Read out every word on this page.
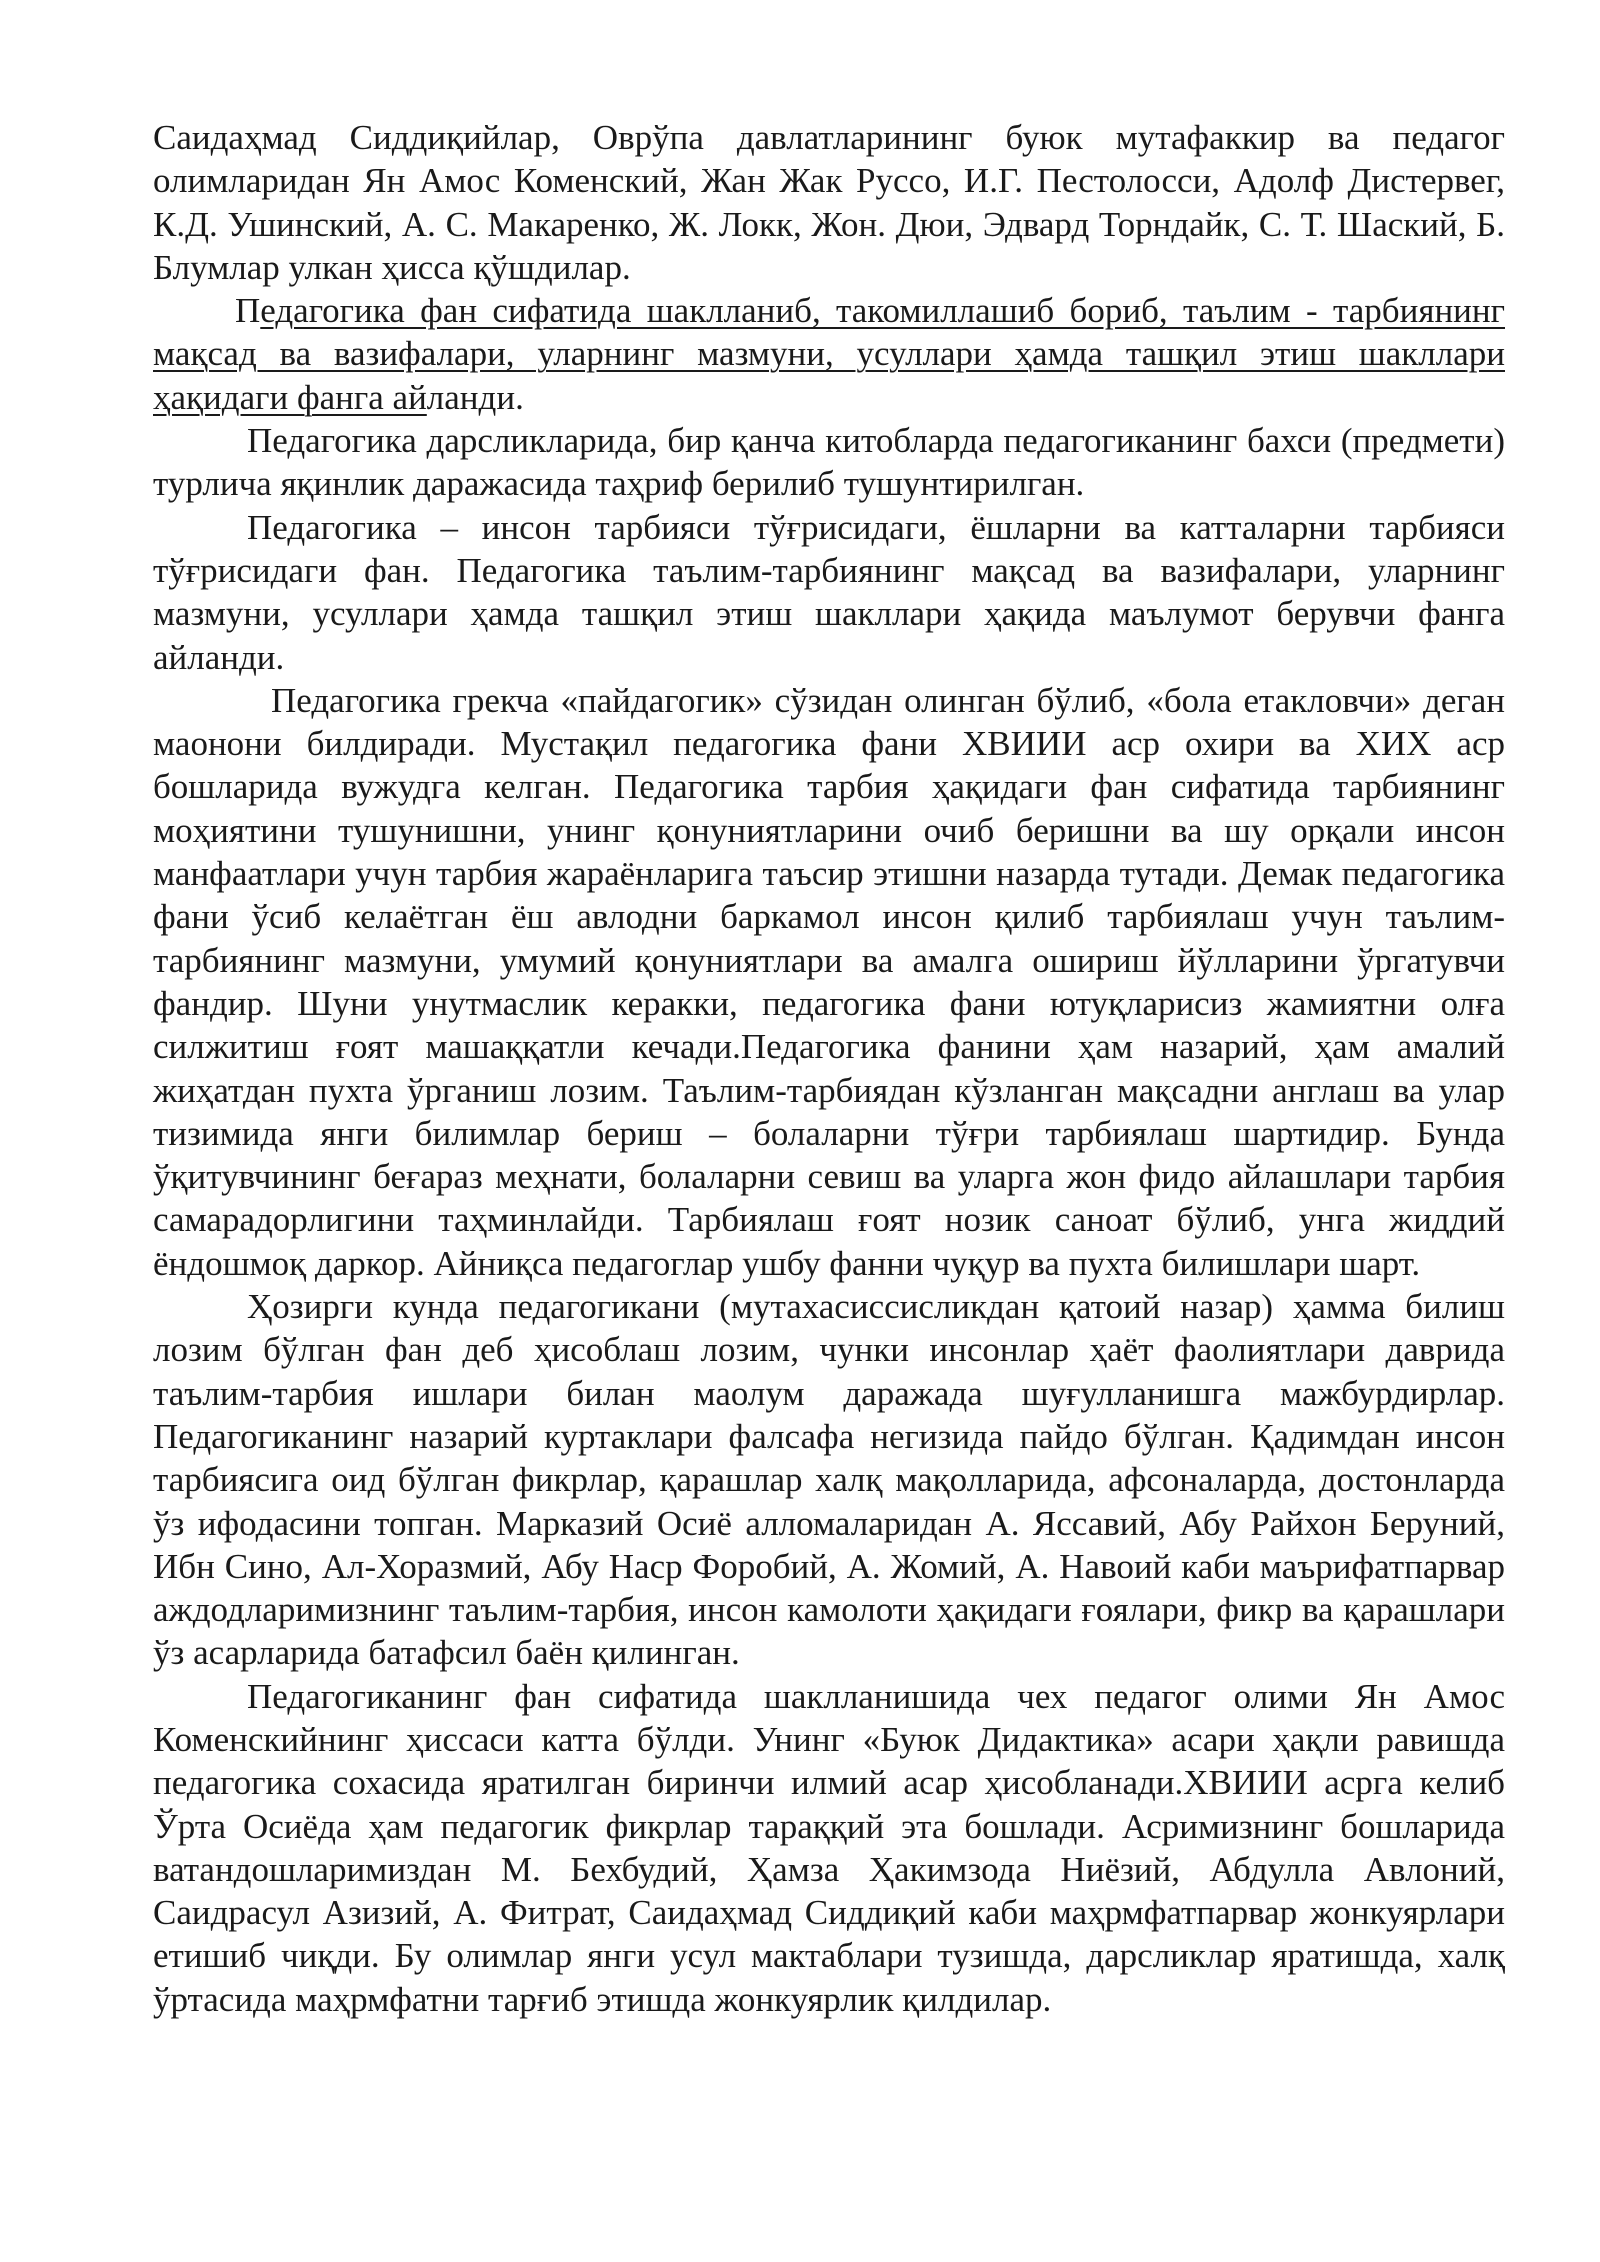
Саидаҳмад Сиддиқийлар, Оврўпа давлатларининг буюк мутафаккир ва педагог олимларидан Ян Амос Коменский, Жан Жак Руссо, И.Г. Пестолосси, Адолф Дистервег, К.Д. Ушинский, А. С. Макаренко, Ж. Локк, Жон. Дюи, Эдвард Торндайк, С. Т. Шаский, Б. Блумлар улкан ҳисса қўшдилар.

Педагогика фан сифатида шаклланиб, такомиллашиб бориб, таълим - тарбиянинг мақсад ва вазифалари, уларнинг мазмуни, усуллари ҳамда ташқил этиш шакллари ҳақидаги фанга айланди.

Педагогика дарсликларида, бир қанча китобларда педагогиканинг бахси (предмети) турлича яқинлик даражасида таҳриф берилиб тушунтирилган.

Педагогика – инсон тарбияси тўғрисидаги, ёшларни ва катталарни тарбияси тўғрисидаги фан. Педагогика таълим-тарбиянинг мақсад ва вазифалари, уларнинг мазмуни, усуллари ҳамда ташқил этиш шакллари ҳақида маълумот берувчи фанга айланди.

Педагогика грекча «пайдагогик» сўзидан олинган бўлиб, «бола етакловчи» деган маонони билдиради. Мустақил педагогика фани ХВИИИ аср охири ва ХИХ аср бошларида вужудга келган. Педагогика тарбия ҳақидаги фан сифатида тарбиянинг моҳиятини тушунишни, унинг қонуниятларини очиб беришни ва шу орқали инсон манфаатлари учун тарбия жараёнларига таъсир этишни назарда тутади. Демак педагогика фани ўсиб келаётган ёш авлодни баркамол инсон қилиб тарбиялаш учун таълим-тарбиянинг мазмуни, умумий қонуниятлари ва амалга ошириш йўлларини ўргатувчи фандир. Шуни унутмаслик керакки, педагогика фани ютуқларисиз жамиятни олға силжитиш ғоят машаққатли кечади.Педагогика фанини ҳам назарий, ҳам амалий жиҳатдан пухта ўрганиш лозим. Таълим-тарбиядан кўзланган мақсадни англаш ва улар тизимида янги билимлар бериш – болаларни тўғри тарбиялаш шартидир. Бунда ўқитувчининг беғараз меҳнати, болаларни севиш ва уларга жон фидо айлашлари тарбия самарадорлигини таҳминлайди. Тарбиялаш ғоят нозик саноат бўлиб, унга жиддий ёндошмоқ даркор. Айниқса педагоглар ушбу фанни чуқур ва пухта билишлари шарт.

Ҳозирги кунда педагогикани (мутахасиссисликдан қатоий назар) ҳамма билиш лозим бўлган фан деб ҳисоблаш лозим, чунки инсонлар ҳаёт фаолиятлари даврида таълим-тарбия ишлари билан маолум даражада шуғулланишга мажбурдирлар. Педагогиканинг назарий куртаклари фалсафа негизида пайдо бўлган. Қадимдан инсон тарбиясига оид бўлган фикрлар, қарашлар халқ мақолларида, афсоналарда, достонларда ўз ифодасини топган. Марказий Осиё алломаларидан А. Яссавий, Абу Райхон Беруний, Ибн Сино, Ал-Хоразмий, Абу Наср Форобий, А. Жомий, А. Навоий каби маърифатпарвар аждодларимизнинг таълим-тарбия, инсон камолоти ҳақидаги ғоялари, фикр ва қарашлари ўз асарларида батафсил баён қилинган.

Педагогиканинг фан сифатида шаклланишида чех педагог олими Ян Амос Коменскийнинг ҳиссаси катта бўлди. Унинг «Буюк Дидактика» асари ҳақли равишда педагогика сохасида яратилган биринчи илмий асар ҳисобланади.ХВИИИ асрга келиб Ўрта Осиёда ҳам педагогик фикрлар тараққий эта бошлади. Асримизнинг бошларида ватандошларимиздан М. Бехбудий, Ҳамза Ҳакимзода Ниёзий, Абдулла Авлоний, Саидрасул Азизий, А. Фитрат, Саидаҳмад Сиддиқий каби маҳрмфатпарвар жонкуярлари етишиб чиқди. Бу олимлар янги усул мактаблари тузишда, дарсликлар яратишда, халқ ўртасида маҳрмфатни тарғиб этишда жонкуярлик қилдилар.
